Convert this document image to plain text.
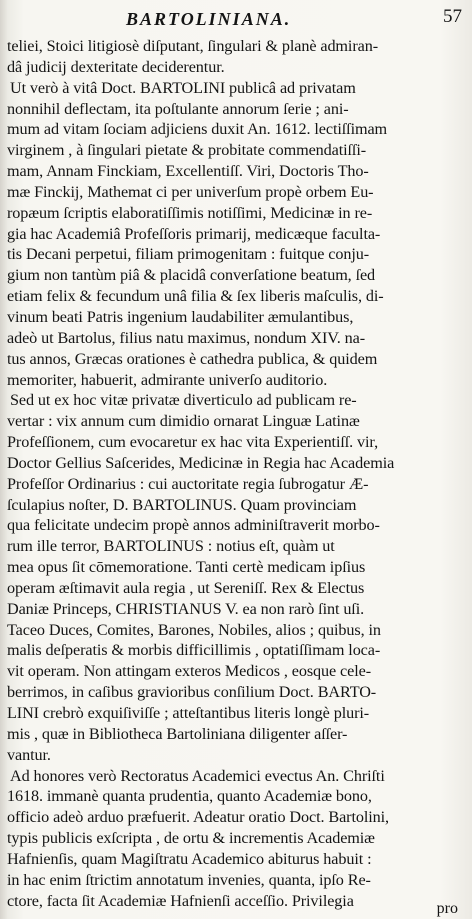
BARTOLINIANA.	57
teliei, Stoici litigiosè diſputant, ſingulari & planè admiran-
dâ judicij dexteritate deciderentur.
Ut verò à vitâ Doct. BARTOLINI publicâ ad privatam
nonnihil deflectam, ita poſtulante annorum ſerie ; ani-
mum ad vitam ſociam adjiciens duxit An. 1612. lectiſſimam
virginem , à ſingulari pietate & probitate commendatiſſi-
mam, Annam Finckiam, Excellentiſſ. Viri, Doctoris Tho-
mæ Finckij, Mathemat ci per univerſum propè orbem Eu-
ropæum ſcriptis elaboratiſſimis notiſſimi, Medicinæ in re-
gia hac Academiâ Profeſſoris primarij, medicæque faculta-
tis Decani perpetui, filiam primogenitam : fuitque conju-
gium non tantùm piâ & placidâ converſatione beatum, ſed
etiam felix & fecundum unâ filia & ſex liberis maſculis, di-
vinum beati Patris ingenium laudabiliter æmulantibus,
adeò ut Bartolus, filius natu maximus, nondum XIV. na-
tus annos, Græcas orationes è cathedra publica, & quidem
memoriter, habuerit, admirante univerſo auditorio.
Sed ut ex hoc vitæ privatæ diverticulo ad publicam re-
vertar : vix annum cum dimidio ornarat Linguæ Latinæ
Profeſſionem, cum evocaretur ex hac vita Experientiſſ. vir,
Doctor Gellius Saſcerides, Medicinæ in Regia hac Academia
Profeſſor Ordinarius : cui auctoritate regia ſubrogatur Æ-
ſculapius noſter, D. BARTOLINUS. Quam provinciam
qua felicitate undecim propè annos adminiſtraverit morbo-
rum ille terror, BARTOLINUS : notius eſt, quàm ut
mea opus ſit cōmemoratione. Tanti certè medicam ipſius
operam æſtimavit aula regia , ut Sereniſſ. Rex & Electus
Daniæ Princeps, CHRISTIANUS V. ea non rarò ſint uſi.
Taceo Duces, Comites, Barones, Nobiles, alios ; quibus, in
malis deſperatis & morbis difficillimis , optatiſſimam loca-
vit operam. Non attingam exteros Medicos , eosque cele-
berrimos, in caſibus gravioribus conſilium Doct. BARTO-
LINI crebrò exquiſiviſſe ; atteſtantibus literis longè pluri-
mis , quæ in Bibliotheca Bartoliniana diligenter aſſer-
vantur.
Ad honores verò Rectoratus Academici evectus An. Chriſti
1618. immanè quanta prudentia, quanto Academiæ bono,
officio adeò arduo præfuerit. Adeatur oratio Doct. Bartolini,
typis publicis exſcripta , de ortu & incrementis Academiæ
Hafnienſis, quam Magiſtratu Academico abiturus habuit :
in hac enim ſtrictim annotatum invenies, quanta, ipſo Re-
ctore, facta ſit Academiæ Hafnienſi acceſſio. Privilegia	pro
